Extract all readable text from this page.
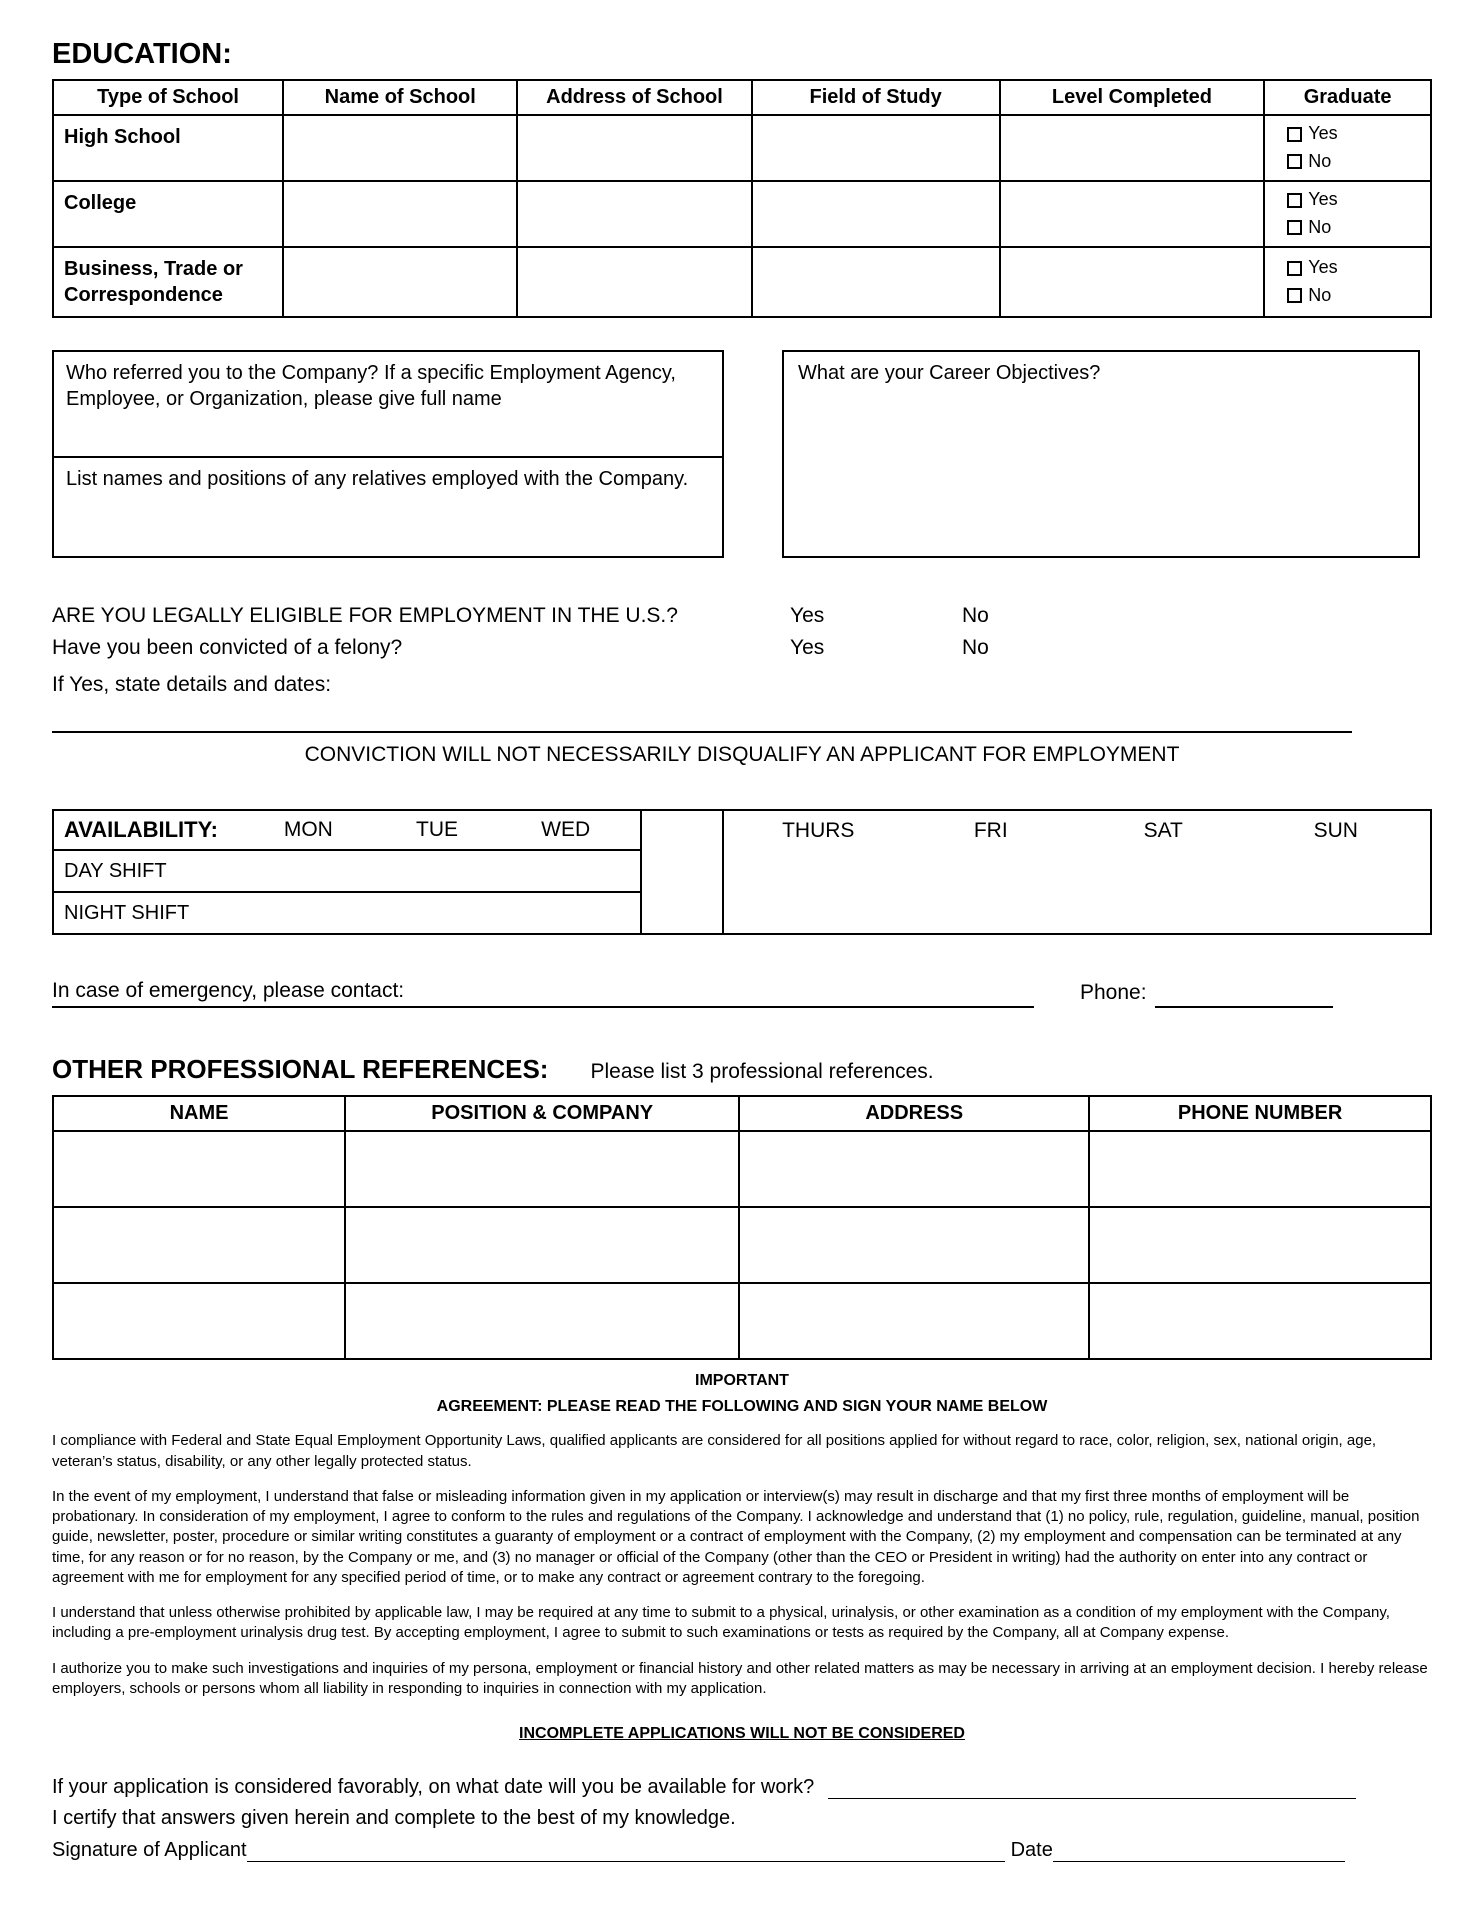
EDUCATION:
Type of School	Name of School	Address of School	Field of Study	Level Completed	Graduate
High School					Yes
No

College					Yes
No

Business, Trade or Correspondence					Yes
No
Who referred you to the Company? If a specific Employment Agency, Employee, or Organization, please give full name
List names and positions of any relatives employed with the Company.
What are your Career Objectives?
ARE YOU LEGALLY ELIGIBLE FOR EMPLOYMENT IN THE U.S.?	Yes	No
Have you been convicted of a felony?	Yes	No
If Yes, state details and dates:
CONVICTION WILL NOT NECESSARILY DISQUALIFY AN APPLICANT FOR EMPLOYMENT
AVAILABILITY:	MON	TUE	WED
DAY SHIFT
NIGHT SHIFT
THURS	FRI	SAT	SUN
In case of emergency, please contact:	Phone:
OTHER PROFESSIONAL REFERENCES: Please list 3 professional references.
NAME	POSITION & COMPANY	ADDRESS	PHONE NUMBER

IMPORTANT
AGREEMENT: PLEASE READ THE FOLLOWING AND SIGN YOUR NAME BELOW
I compliance with Federal and State Equal Employment Opportunity Laws, qualified applicants are considered for all positions applied for without regard to race, color, religion, sex, national origin, age, veteran’s status, disability, or any other legally protected status.
In the event of my employment, I understand that false or misleading information given in my application or interview(s) may result in discharge and that my first three months of employment will be probationary. In consideration of my employment, I agree to conform to the rules and regulations of the Company. I acknowledge and understand that (1) no policy, rule, regulation, guideline, manual, position guide, newsletter, poster, procedure or similar writing constitutes a guaranty of employment or a contract of employment with the Company, (2) my employment and compensation can be terminated at any time, for any reason or for no reason, by the Company or me, and (3) no manager or official of the Company (other than the CEO or President in writing) had the authority on enter into any contract or agreement with me for employment for any specified period of time, or to make any contract or agreement contrary to the foregoing.
I understand that unless otherwise prohibited by applicable law, I may be required at any time to submit to a physical, urinalysis, or other examination as a condition of my employment with the Company, including a pre-employment urinalysis drug test. By accepting employment, I agree to submit to such examinations or tests as required by the Company, all at Company expense.
I authorize you to make such investigations and inquiries of my persona, employment or financial history and other related matters as may be necessary in arriving at an employment decision. I hereby release employers, schools or persons whom all liability in responding to inquiries in connection with my application.
INCOMPLETE APPLICATIONS WILL NOT BE CONSIDERED
If your application is considered favorably, on what date will you be available for work?
I certify that answers given herein and complete to the best of my knowledge.
Signature of Applicant	Date
